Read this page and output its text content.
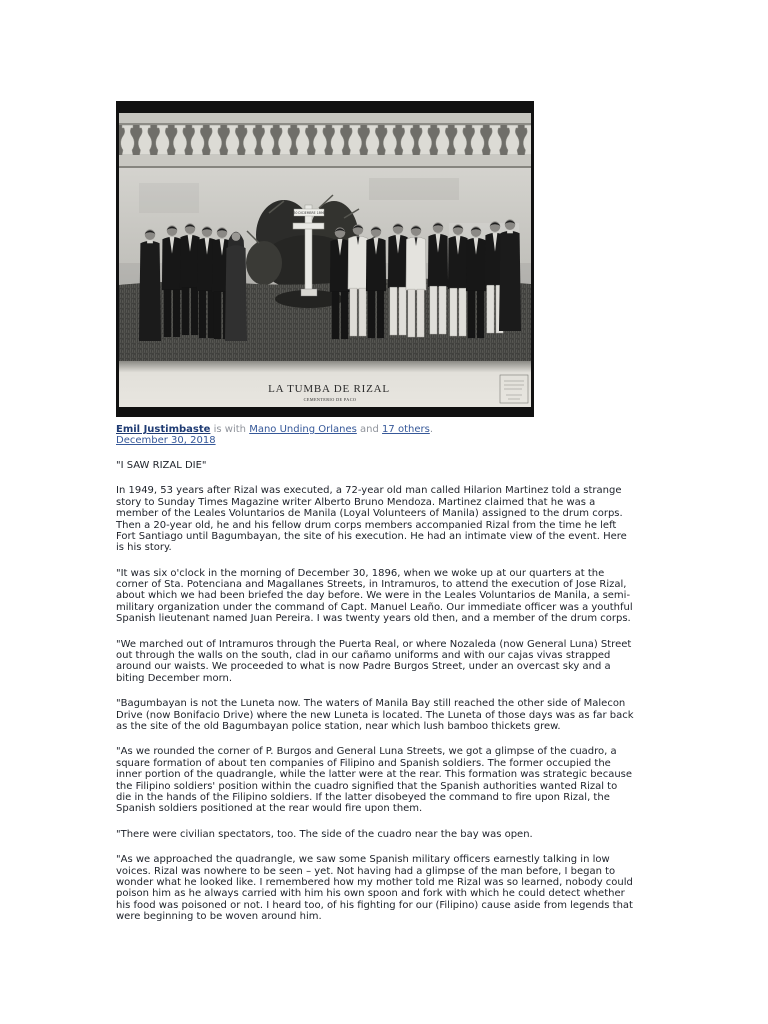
30 DICIEMBRE 1896
LA TUMBA DE RIZAL
CEMENTERIO DE PACO
Emil Justimbaste is with Mano Unding Orlanes and 17 others.
December 30, 2018
"I SAW RIZAL DIE"
In 1949, 53 years after Rizal was executed, a 72-year old man called Hilarion Martinez told a strange
story to Sunday Times Magazine writer Alberto Bruno Mendoza. Martinez claimed that he was a
member of the Leales Voluntarios de Manila (Loyal Volunteers of Manila) assigned to the drum corps.
Then a 20-year old, he and his fellow drum corps members accompanied Rizal from the time he left
Fort Santiago until Bagumbayan, the site of his execution. He had an intimate view of the event. Here
is his story.
"It was six o'clock in the morning of December 30, 1896, when we woke up at our quarters at the
corner of Sta. Potenciana and Magallanes Streets, in Intramuros, to attend the execution of Jose Rizal,
about which we had been briefed the day before. We were in the Leales Voluntarios de Manila, a semi-
military organization under the command of Capt. Manuel Leaño. Our immediate officer was a youthful
Spanish lieutenant named Juan Pereira. I was twenty years old then, and a member of the drum corps.
"We marched out of Intramuros through the Puerta Real, or where Nozaleda (now General Luna) Street
out through the walls on the south, clad in our cañamo uniforms and with our cajas vivas strapped
around our waists. We proceeded to what is now Padre Burgos Street, under an overcast sky and a
biting December morn.
"Bagumbayan is not the Luneta now. The waters of Manila Bay still reached the other side of Malecon
Drive (now Bonifacio Drive) where the new Luneta is located. The Luneta of those days was as far back
as the site of the old Bagumbayan police station, near which lush bamboo thickets grew.
"As we rounded the corner of P. Burgos and General Luna Streets, we got a glimpse of the cuadro, a
square formation of about ten companies of Filipino and Spanish soldiers. The former occupied the
inner portion of the quadrangle, while the latter were at the rear. This formation was strategic because
the Filipino soldiers' position within the cuadro signified that the Spanish authorities wanted Rizal to
die in the hands of the Filipino soldiers. If the latter disobeyed the command to fire upon Rizal, the
Spanish soldiers positioned at the rear would fire upon them.
"There were civilian spectators, too. The side of the cuadro near the bay was open.
"As we approached the quadrangle, we saw some Spanish military officers earnestly talking in low
voices. Rizal was nowhere to be seen – yet. Not having had a glimpse of the man before, I began to
wonder what he looked like. I remembered how my mother told me Rizal was so learned, nobody could
poison him as he always carried with him his own spoon and fork with which he could detect whether
his food was poisoned or not. I heard too, of his fighting for our (Filipino) cause aside from legends that
were beginning to be woven around him.
